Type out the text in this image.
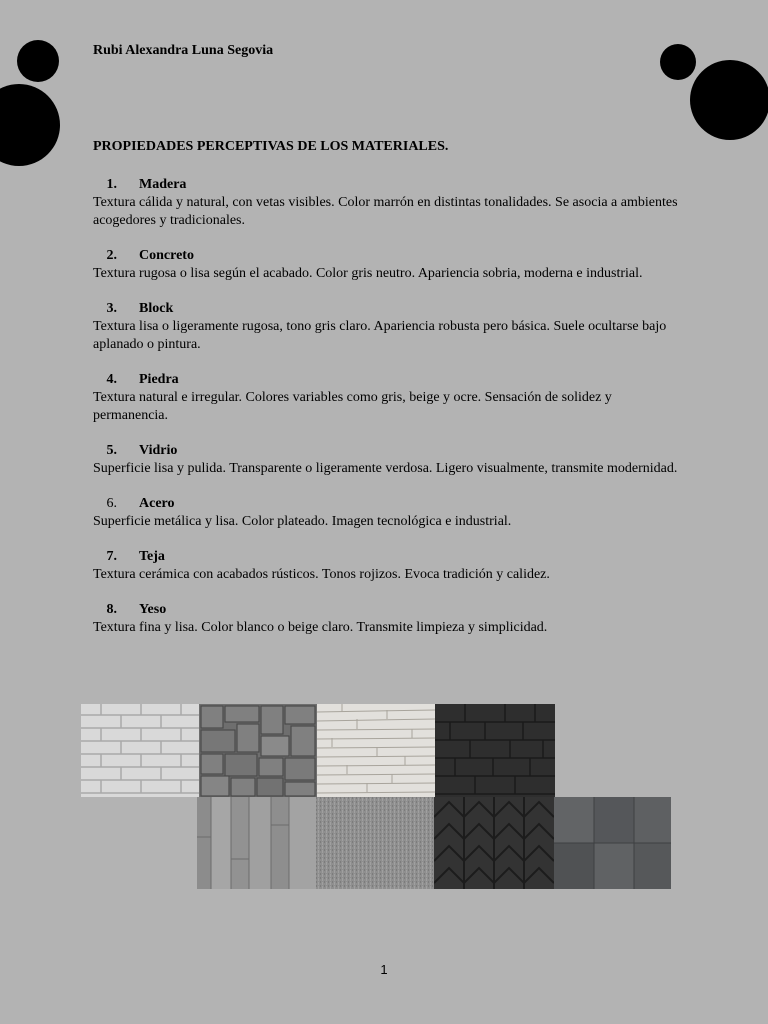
Rubi Alexandra Luna Segovia
PROPIEDADES PERCEPTIVAS DE LOS MATERIALES.
1. Madera
Textura cálida y natural, con vetas visibles. Color marrón en distintas tonalidades. Se asocia a ambientes acogedores y tradicionales.
2. Concreto
Textura rugosa o lisa según el acabado. Color gris neutro. Apariencia sobria, moderna e industrial.
3. Block
Textura lisa o ligeramente rugosa, tono gris claro. Apariencia robusta pero básica. Suele ocultarse bajo aplanado o pintura.
4. Piedra
Textura natural e irregular. Colores variables como gris, beige y ocre. Sensación de solidez y permanencia.
5. Vidrio
Superficie lisa y pulida. Transparente o ligeramente verdosa. Ligero visualmente, transmite modernidad.
6. Acero
Superficie metálica y lisa. Color plateado. Imagen tecnológica e industrial.
7. Teja
Textura cerámica con acabados rústicos. Tonos rojizos. Evoca tradición y calidez.
8. Yeso
Textura fina y lisa. Color blanco o beige claro. Transmite limpieza y simplicidad.
1
